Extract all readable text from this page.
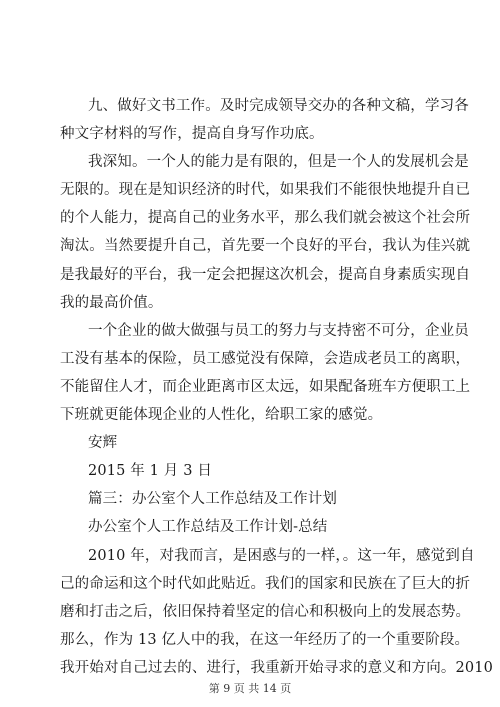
九、做好文书工作。及时完成领导交办的各种文稿，学习各
种文字材料的写作，提高自身写作功底。
我深知。一个人的能力是有限的，但是一个人的发展机会是
无限的。现在是知识经济的时代，如果我们不能很快地提升自已
的个人能力，提高自己的业务水平，那么我们就会被这个社会所
淘汰。当然要提升自己，首先要一个良好的平台，我认为佳兴就
是我最好的平台，我一定会把握这次机会，提高自身素质实现自
我的最高价值。
一个企业的做大做强与员工的努力与支持密不可分，企业员
工没有基本的保险，员工感觉没有保障，会造成老员工的离职，
不能留住人才，而企业距离市区太远，如果配备班车方便职工上
下班就更能体现企业的人性化，给职工家的感觉。
安辉
2015 年 1 月 3 日
篇三：办公室个人工作总结及工作计划
办公室个人工作总结及工作计划-总结
2010 年，对我而言，是困惑与的一样，。这一年，感觉到自
己的命运和这个时代如此贴近。我们的国家和民族在了巨大的折
磨和打击之后，依旧保持着坚定的信心和积极向上的发展态势。
那么，作为 13 亿人中的我，在这一年经历了的一个重要阶段。
我开始对自己过去的、进行，我重新开始寻求的意义和方向。2010
第 9 页 共 14 页
